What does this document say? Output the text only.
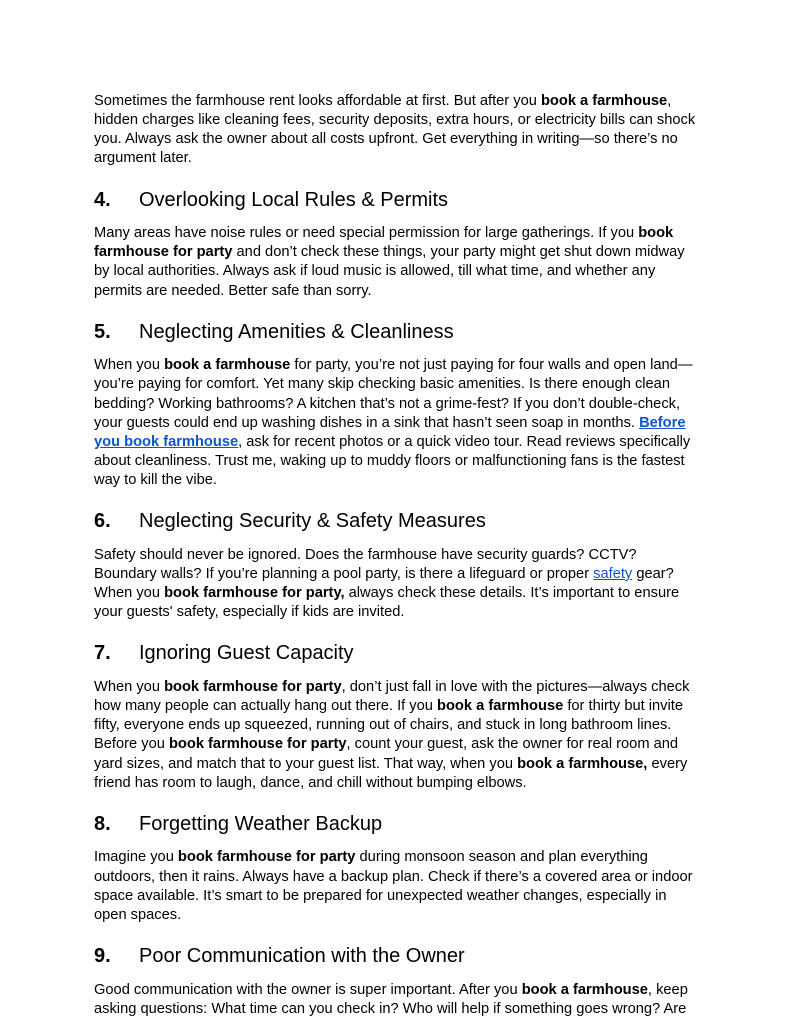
Sometimes the farmhouse rent looks affordable at first. But after you book a farmhouse, hidden charges like cleaning fees, security deposits, extra hours, or electricity bills can shock you. Always ask the owner about all costs upfront. Get everything in writing—so there’s no argument later.

4. Overlooking Local Rules & Permits

Many areas have noise rules or need special permission for large gatherings. If you book farmhouse for party and don’t check these things, your party might get shut down midway by local authorities. Always ask if loud music is allowed, till what time, and whether any permits are needed. Better safe than sorry.

5. Neglecting Amenities & Cleanliness

When you book a farmhouse for party, you’re not just paying for four walls and open land—you’re paying for comfort. Yet many skip checking basic amenities. Is there enough clean bedding? Working bathrooms? A kitchen that’s not a grime-fest? If you don’t double-check, your guests could end up washing dishes in a sink that hasn’t seen soap in months. Before you book farmhouse, ask for recent photos or a quick video tour. Read reviews specifically about cleanliness. Trust me, waking up to muddy floors or malfunctioning fans is the fastest way to kill the vibe.

6. Neglecting Security & Safety Measures

Safety should never be ignored. Does the farmhouse have security guards? CCTV? Boundary walls? If you’re planning a pool party, is there a lifeguard or proper safety gear? When you book farmhouse for party, always check these details. It’s important to ensure your guests' safety, especially if kids are invited.

7. Ignoring Guest Capacity

When you book farmhouse for party, don’t just fall in love with the pictures—always check how many people can actually hang out there. If you book a farmhouse for thirty but invite fifty, everyone ends up squeezed, running out of chairs, and stuck in long bathroom lines. Before you book farmhouse for party, count your guest, ask the owner for real room and yard sizes, and match that to your guest list. That way, when you book a farmhouse, every friend has room to laugh, dance, and chill without bumping elbows.

8. Forgetting Weather Backup

Imagine you book farmhouse for party during monsoon season and plan everything outdoors, then it rains. Always have a backup plan. Check if there’s a covered area or indoor space available. It’s smart to be prepared for unexpected weather changes, especially in open spaces.

9. Poor Communication with the Owner

Good communication with the owner is super important. After you book a farmhouse, keep asking questions: What time can you check in? Who will help if something goes wrong? Are
